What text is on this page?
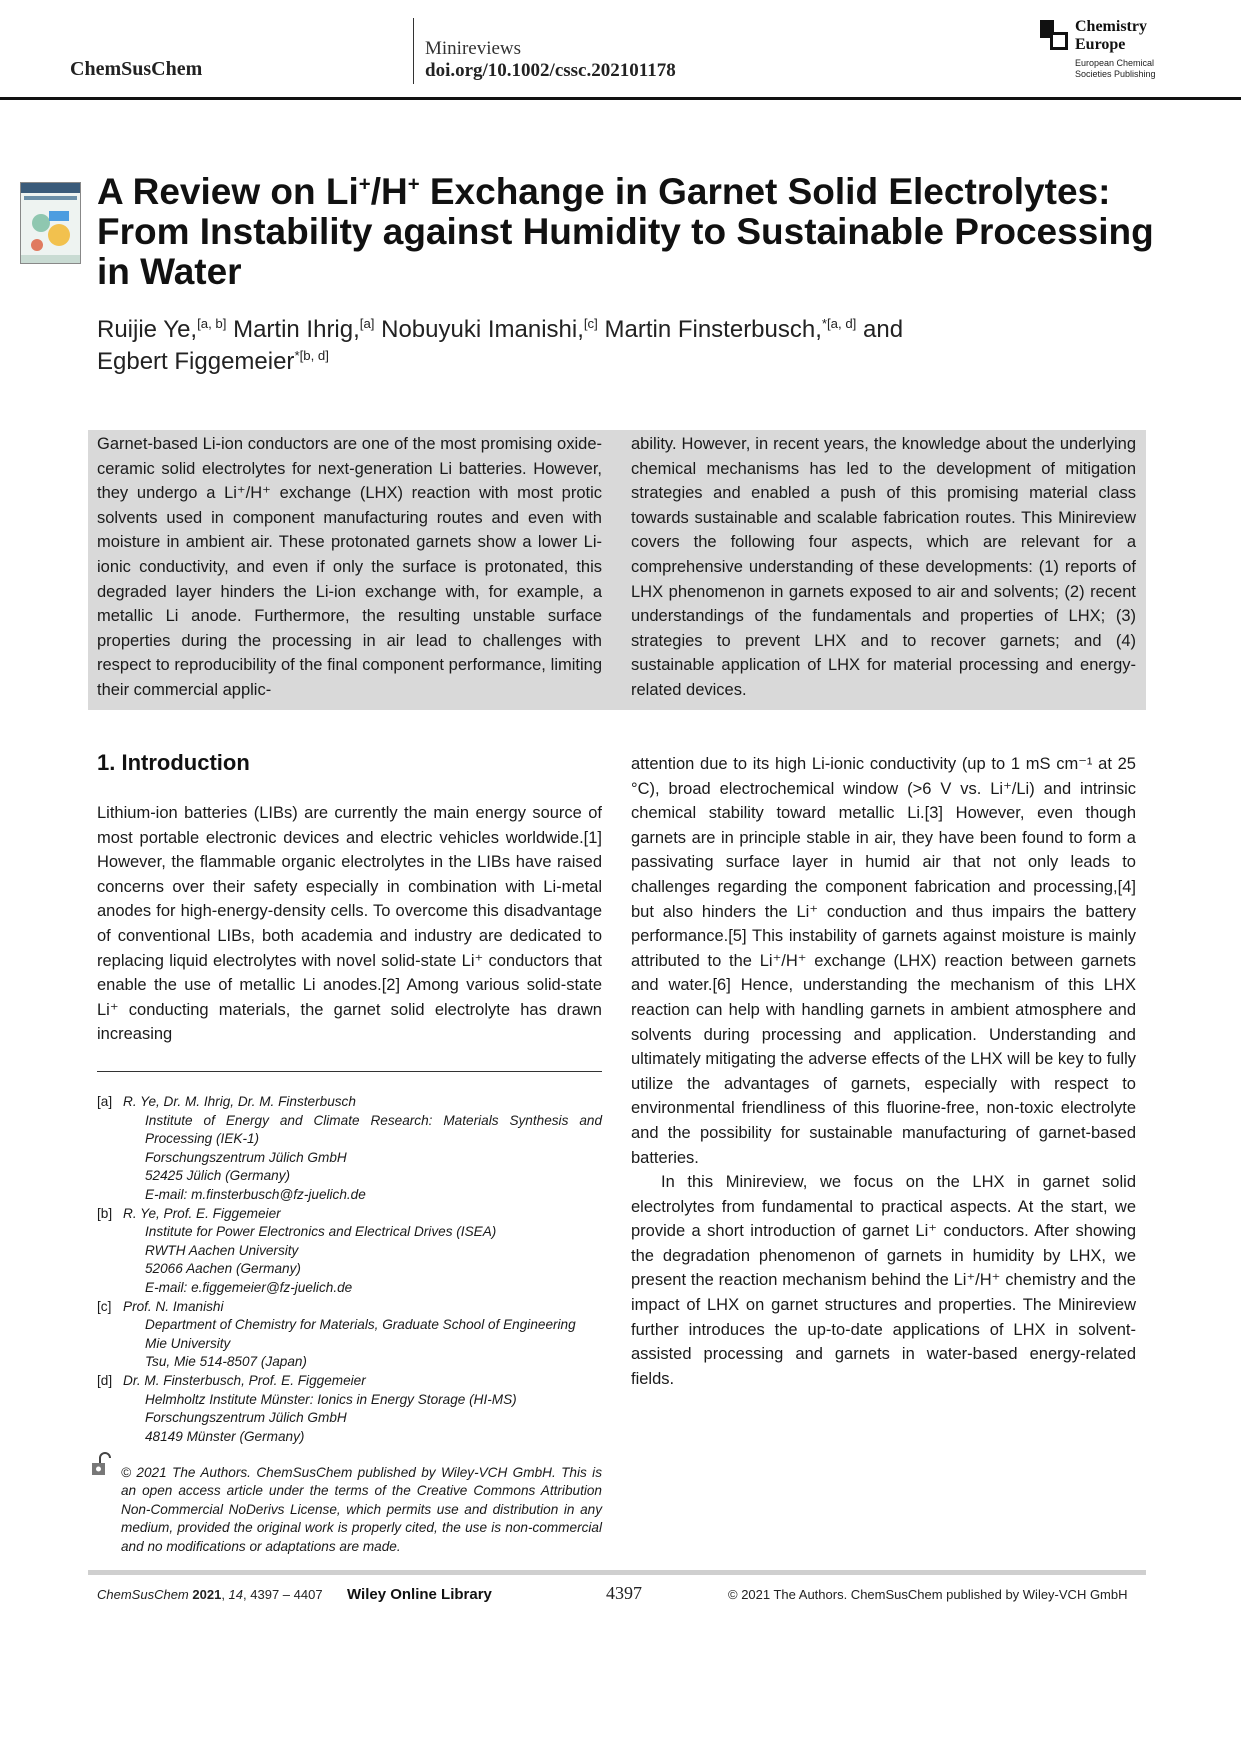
ChemSusChem
Minireviews
doi.org/10.1002/cssc.202101178
Chemistry
Europe
European Chemical
Societies Publishing
A Review on Li+/H+ Exchange in Garnet Solid Electrolytes: From Instability against Humidity to Sustainable Processing in Water
Ruijie Ye,[a, b] Martin Ihrig,[a] Nobuyuki Imanishi,[c] Martin Finsterbusch,$^{*[a, d]}$ and
Egbert Figgemeier$^{*[b, d]}$

Garnet-based Li-ion conductors are one of the most promising oxide-ceramic solid electrolytes for next-generation Li batteries. However, they undergo a Li⁺/H⁺ exchange (LHX) reaction with most protic solvents used in component manufacturing routes and even with moisture in ambient air. These protonated garnets show a lower Li-ionic conductivity, and even if only the surface is protonated, this degraded layer hinders the Li-ion exchange with, for example, a metallic Li anode. Furthermore, the resulting unstable surface properties during the processing in air lead to challenges with respect to reproducibility of the final component performance, limiting their commercial applic-

ability. However, in recent years, the knowledge about the underlying chemical mechanisms has led to the development of mitigation strategies and enabled a push of this promising material class towards sustainable and scalable fabrication routes. This Minireview covers the following four aspects, which are relevant for a comprehensive understanding of these developments: (1) reports of LHX phenomenon in garnets exposed to air and solvents; (2) recent understandings of the fundamentals and properties of LHX; (3) strategies to prevent LHX and to recover garnets; and (4) sustainable application of LHX for material processing and energy-related devices.

1. Introduction

Lithium-ion batteries (LIBs) are currently the main energy source of most portable electronic devices and electric vehicles worldwide.[1] However, the flammable organic electrolytes in the LIBs have raised concerns over their safety especially in combination with Li-metal anodes for high-energy-density cells. To overcome this disadvantage of conventional LIBs, both academia and industry are dedicated to replacing liquid electrolytes with novel solid-state Li⁺ conductors that enable the use of metallic Li anodes.[2] Among various solid-state Li⁺ conducting materials, the garnet solid electrolyte has drawn increasing

attention due to its high Li-ionic conductivity (up to 1 mS cm⁻¹ at 25 °C), broad electrochemical window (>6 V vs. Li⁺/Li) and intrinsic chemical stability toward metallic Li.[3] However, even though garnets are in principle stable in air, they have been found to form a passivating surface layer in humid air that not only leads to challenges regarding the component fabrication and processing,[4] but also hinders the Li⁺ conduction and thus impairs the battery performance.[5] This instability of garnets against moisture is mainly attributed to the Li⁺/H⁺ exchange (LHX) reaction between garnets and water.[6] Hence, understanding the mechanism of this LHX reaction can help with handling garnets in ambient atmosphere and solvents during processing and application. Understanding and ultimately mitigating the adverse effects of the LHX will be key to fully utilize the advantages of garnets, especially with respect to environmental friendliness of this fluorine-free, non-toxic electrolyte and the possibility for sustainable manufacturing of garnet-based batteries.

In this Minireview, we focus on the LHX in garnet solid electrolytes from fundamental to practical aspects. At the start, we provide a short introduction of garnet Li⁺ conductors. After showing the degradation phenomenon of garnets in humidity by LHX, we present the reaction mechanism behind the Li⁺/H⁺ chemistry and the impact of LHX on garnet structures and properties. The Minireview further introduces the up-to-date applications of LHX in solvent-assisted processing and garnets in water-based energy-related fields.

[a] R. Ye, Dr. M. Ihrig, Dr. M. Finsterbusch
Institute of Energy and Climate Research: Materials Synthesis and Processing (IEK-1)
Forschungszentrum Jülich GmbH
52425 Jülich (Germany)
E-mail: m.finsterbusch@fz-juelich.de
[b] R. Ye, Prof. E. Figgemeier
Institute for Power Electronics and Electrical Drives (ISEA)
RWTH Aachen University
52066 Aachen (Germany)
E-mail: e.figgemeier@fz-juelich.de
[c] Prof. N. Imanishi
Department of Chemistry for Materials, Graduate School of Engineering
Mie University
Tsu, Mie 514-8507 (Japan)
[d] Dr. M. Finsterbusch, Prof. E. Figgemeier
Helmholtz Institute Münster: Ionics in Energy Storage (HI-MS)
Forschungszentrum Jülich GmbH
48149 Münster (Germany)

© 2021 The Authors. ChemSusChem published by Wiley-VCH GmbH. This is an open access article under the terms of the Creative Commons Attribution Non-Commercial NoDerivs License, which permits use and distribution in any medium, provided the original work is properly cited, the use is non-commercial and no modifications or adaptations are made.

ChemSusChem 2021, 14, 4397 – 4407 Wiley Online Library	4397	© 2021 The Authors. ChemSusChem published by Wiley-VCH GmbH
